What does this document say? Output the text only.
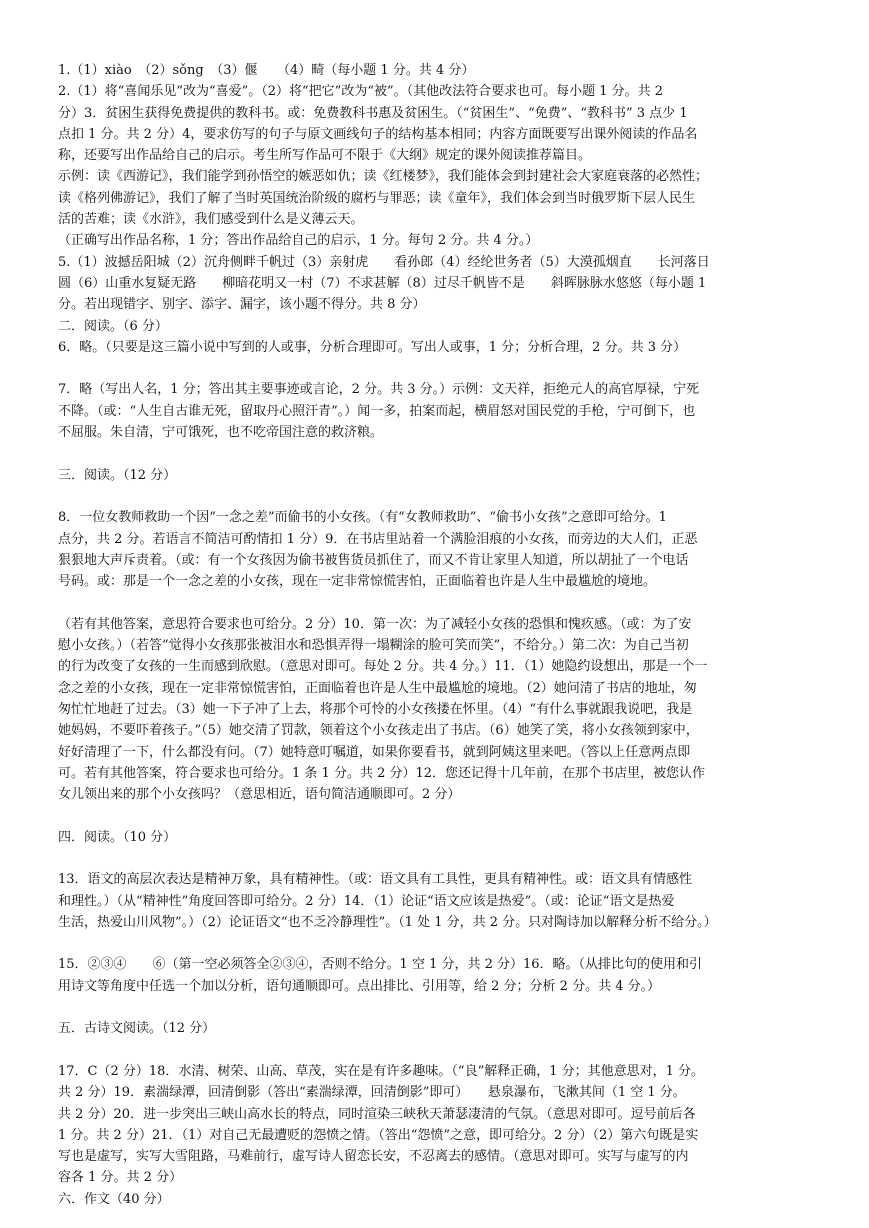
1.（1）xiào　（2）sǒng　（3）偃　　（4）畸（每小题 1 分。共 4 分）
2.（1）将“喜闻乐见”改为“喜爱”。（2）将“把它”改为“被”。（其他改法符合要求也可。每小题 1 分。共 2
分）3．贫困生获得免费提供的教科书。或：免费教科书惠及贫困生。（“贫困生”、“免费”、“教科书” 3 点少 1
点扣 1 分。共 2 分）4，要求仿写的句子与原文画线句子的结构基本相同；内容方面既要写出课外阅读的作品名
称，还要写出作品给自己的启示。考生所写作品可不限于《大纲》规定的课外阅读推荐篇目。
示例：读《西游记》，我们能学到孙悟空的嫉恶如仇；读《红楼梦》，我们能体会到封建社会大家庭衰落的必然性；
读《格列佛游记》，我们了解了当时英国统治阶级的腐朽与罪恶；读《童年》，我们体会到当时俄罗斯下层人民生
活的苦难；读《水浒》，我们感受到什么是义薄云天。
（正确写出作品名称，1 分；答出作品给自己的启示，1 分。每句 2 分。共 4 分。）
5.（1）波撼岳阳城（2）沉舟侧畔千帆过（3）亲射虎　　看孙郎（4）经纶世务者（5）大漠孤烟直　　长河落日
圆（6）山重水复疑无路　　柳暗花明又一村（7）不求甚解（8）过尽千帆皆不是　　斜晖脉脉水悠悠（每小题 1
分。若出现错字、别字、添字、漏字，该小题不得分。共 8 分）
二．阅读。（6 分）
6．略。（只要是这三篇小说中写到的人或事，分析合理即可。写出人或事，1 分；分析合理，2 分。共 3 分）
7．略（写出人名，1 分；答出其主要事迹或言论，2 分。共 3 分。）示例：文天祥，拒绝元人的高官厚禄，宁死
不降。（或：“人生自古谁无死，留取丹心照汗青”。）闻一多，拍案而起，横眉怒对国民党的手枪，宁可倒下，也
不屈服。朱自清，宁可饿死，也不吃帝国注意的救济粮。
三．阅读。（12 分）
8．一位女教师救助一个因“一念之差”而偷书的小女孩。（有“女教师救助”、“偷书小女孩”之意即可给分。1
点分，共 2 分。若语言不简洁可酌情扣 1 分）9．在书店里站着一个满脸泪痕的小女孩，而旁边的大人们，正恶
狠狠地大声斥责着。（或：有一个女孩因为偷书被售货员抓住了，而又不肯让家里人知道，所以胡扯了一个电话
号码。或：那是一个一念之差的小女孩，现在一定非常惊慌害怕，正面临着也许是人生中最尴尬的境地。
（若有其他答案，意思符合要求也可给分。2 分）10．第一次：为了减轻小女孩的恐惧和愧疚感。（或：为了安
慰小女孩。）（若答“觉得小女孩那张被泪水和恐惧弄得一塌糊涂的脸可笑而笑”，不给分。）第二次：为自己当初
的行为改变了女孩的一生而感到欣慰。（意思对即可。每处 2 分。共 4 分。）11．（1）她隐约设想出，那是一个一
念之差的小女孩，现在一定非常惊慌害怕，正面临着也许是人生中最尴尬的境地。（2）她问清了书店的地址，匆
匆忙忙地赶了过去。（3）她一下子冲了上去，将那个可怜的小女孩搂在怀里。（4）“有什么事就跟我说吧，我是
她妈妈，不要吓着孩子。”（5）她交清了罚款，领着这个小女孩走出了书店。（6）她笑了笑，将小女孩领到家中，
好好清理了一下，什么都没有问。（7）她特意叮嘱道，如果你要看书，就到阿姨这里来吧。（答以上任意两点即
可。若有其他答案，符合要求也可给分。1 条 1 分。共 2 分）12．您还记得十几年前，在那个书店里，被您认作
女儿领出来的那个小女孩吗？（意思相近，语句简洁通顺即可。2 分）
四．阅读。（10 分）
13．语文的高层次表达是精神万象，具有精神性。（或：语文具有工具性，更具有精神性。或：语文具有情感性
和理性。）（从“精神性”角度回答即可给分。2 分）14．（1）论证“语文应该是热爱”。（或：论证“语文是热爱
生活，热爱山川风物”。）（2）论证语文“也不乏冷静理性”。（1 处 1 分，共 2 分。只对陶诗加以解释分析不给分。）
15．②③④　　⑥（第一空必须答全②③④，否则不给分。1 空 1 分，共 2 分）16．略。（从排比句的使用和引
用诗文等角度中任选一个加以分析，语句通顺即可。点出排比、引用等，给 2 分；分析 2 分。共 4 分。）
五．古诗文阅读。（12 分）
17．C（2 分）18．水清、树荣、山高、草茂，实在是有许多趣味。（“良”解释正确，1 分；其他意思对，1 分。
共 2 分）19．素湍绿潭，回清倒影（答出“素湍绿潭，回清倒影”即可）　　悬泉瀑布，飞漱其间（1 空 1 分。
共 2 分）20．进一步突出三峡山高水长的特点，同时渲染三峡秋天萧瑟凄清的气氛。（意思对即可。逗号前后各
1 分。共 2 分）21．（1）对自己无最遭贬的怨愤之情。（答出“怨愤”之意，即可给分。2 分）（2）第六句既是实
写也是虚写，实写大雪阻路，马难前行，虚写诗人留恋长安，不忍离去的感情。（意思对即可。实写与虚写的内
容各 1 分。共 2 分）
六．作文（40 分）
